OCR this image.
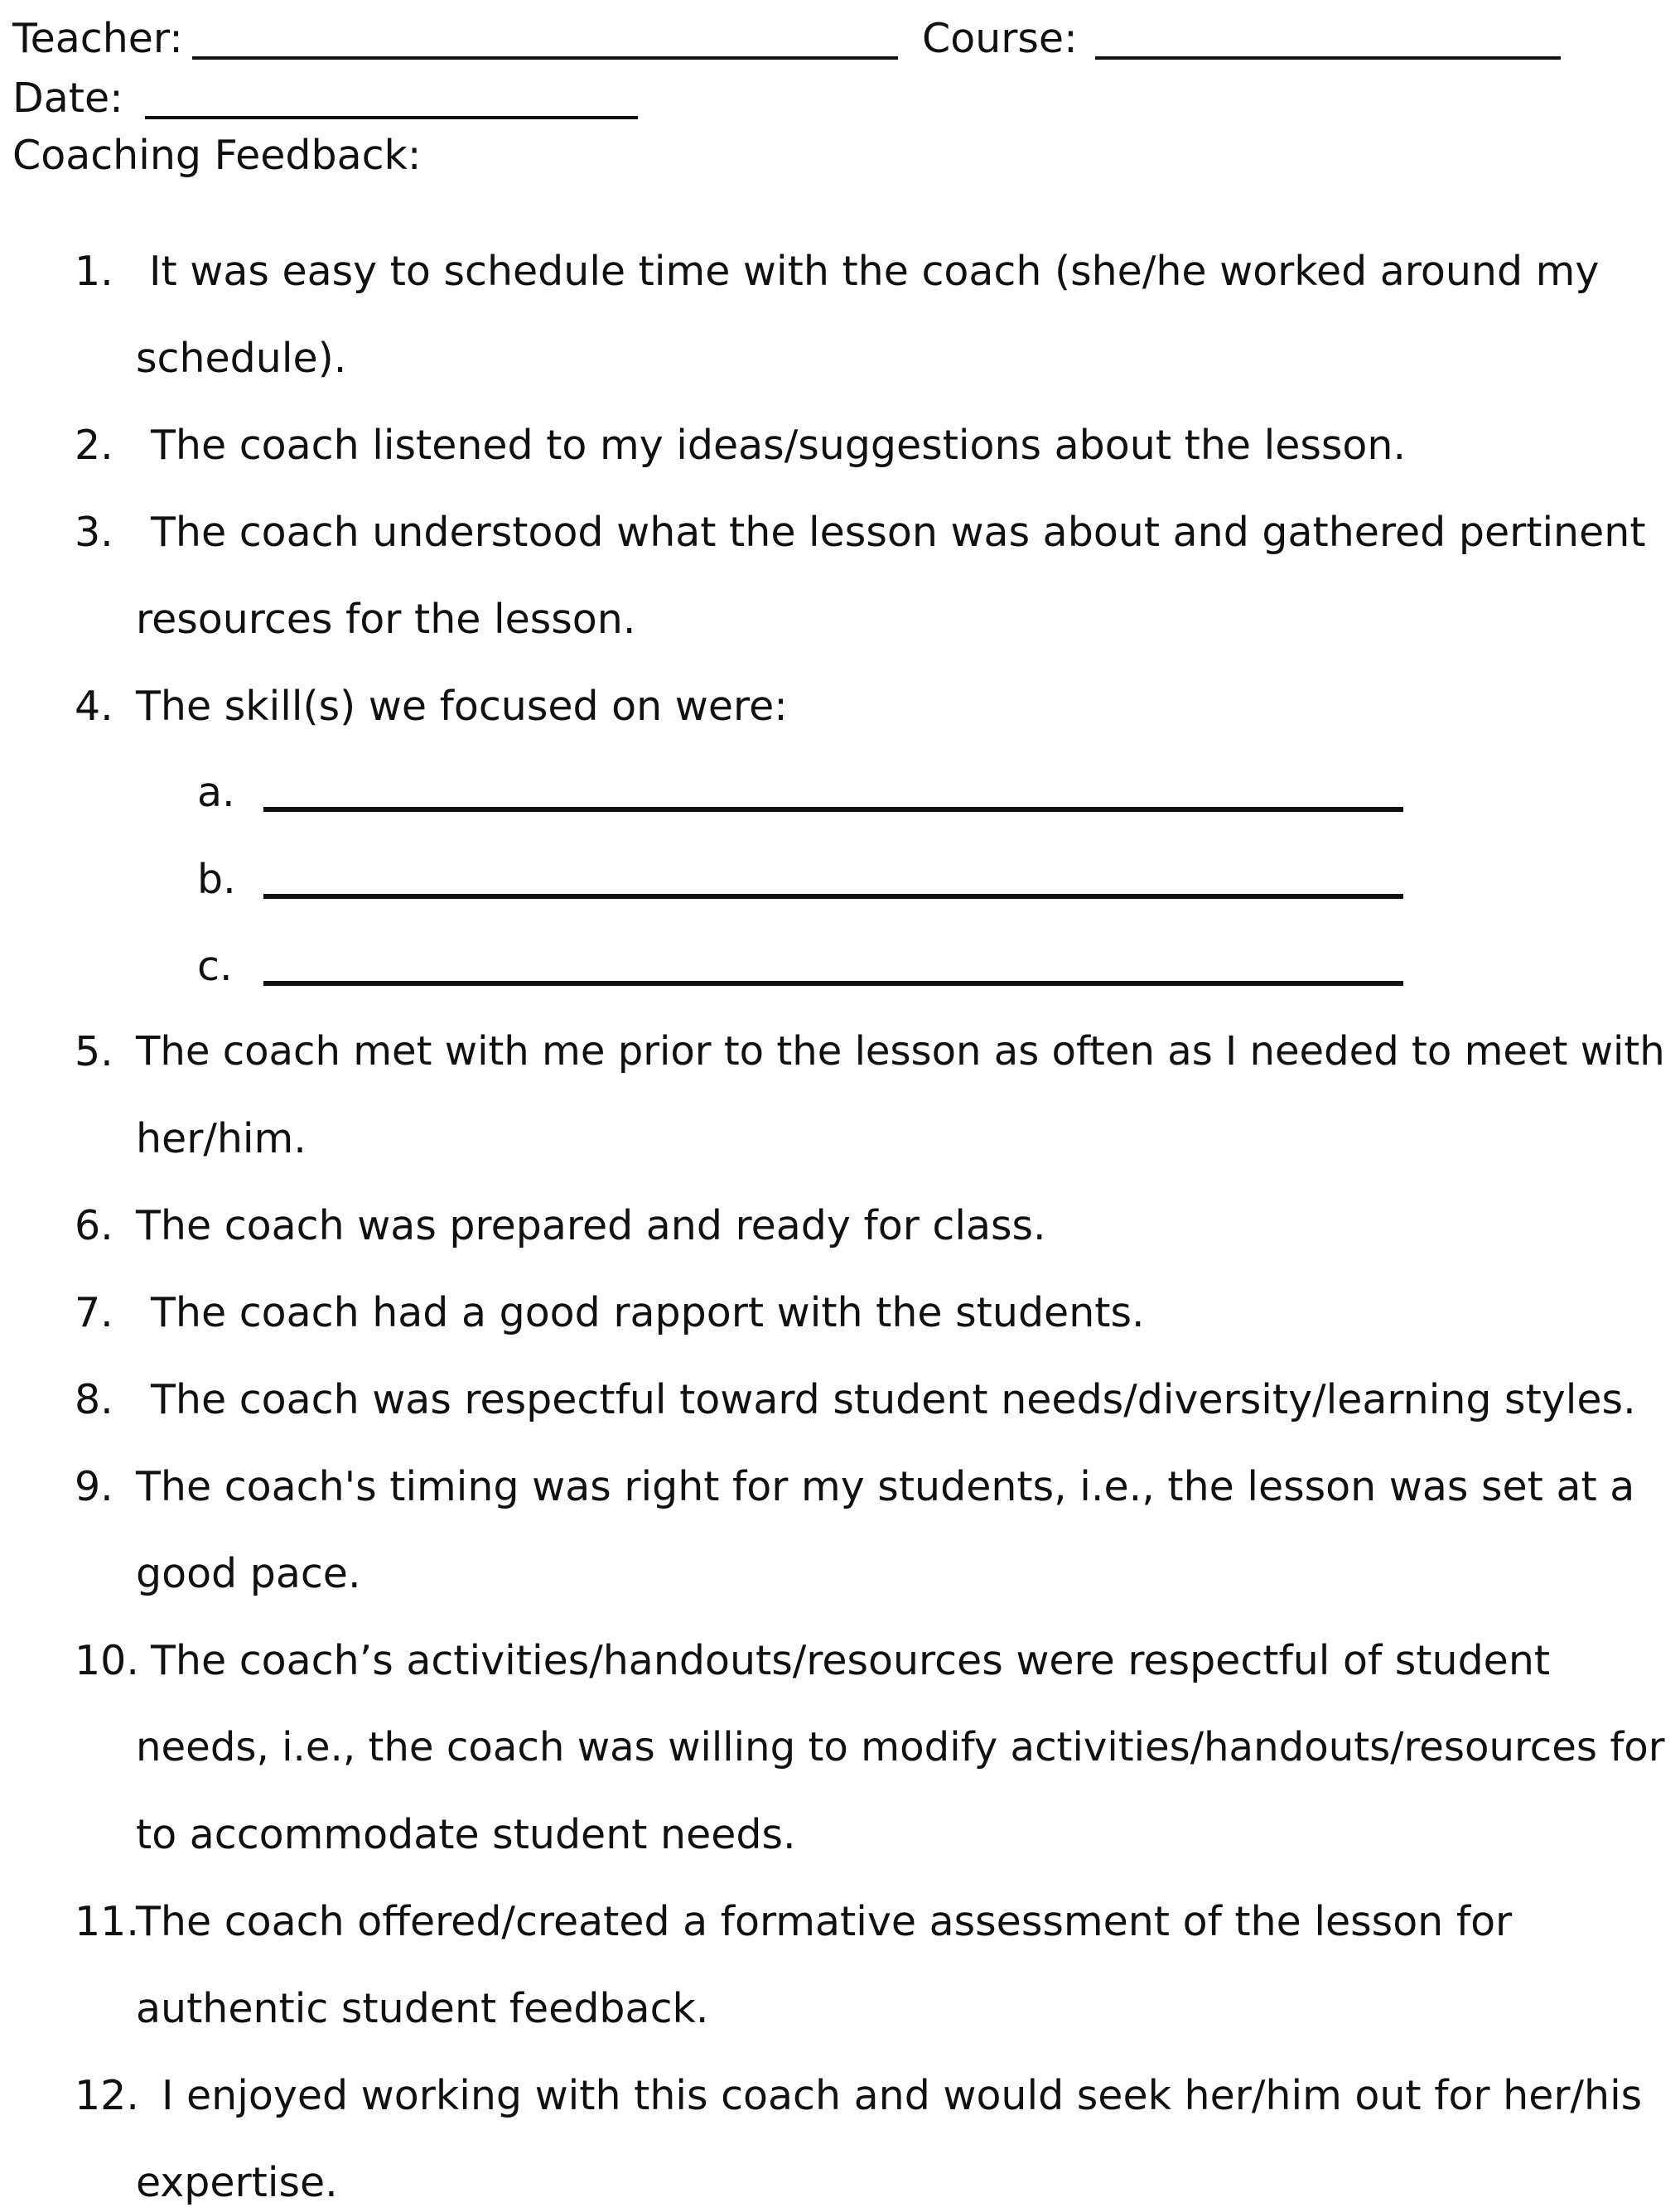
Teacher:	Course:
Date:
Coaching Feedback:
1. It was easy to schedule time with the coach (she/he worked around my
schedule).
2. The coach listened to my ideas/suggestions about the lesson.
3. The coach understood what the lesson was about and gathered pertinent
resources for the lesson.
4. The skill(s) we focused on were:
a.
b.
c.
5. The coach met with me prior to the lesson as often as I needed to meet with
her/him.
6. The coach was prepared and ready for class.
7. The coach had a good rapport with the students.
8. The coach was respectful toward student needs/diversity/learning styles.
9. The coach's timing was right for my students, i.e., the lesson was set at a
good pace.
10. The coach’s activities/handouts/resources were respectful of student
needs, i.e., the coach was willing to modify activities/handouts/resources for
to accommodate student needs.
11.
The coach offered/created a formative assessment of the lesson for
authentic student feedback.
12. I enjoyed working with this coach and would seek her/him out for her/his
expertise.
